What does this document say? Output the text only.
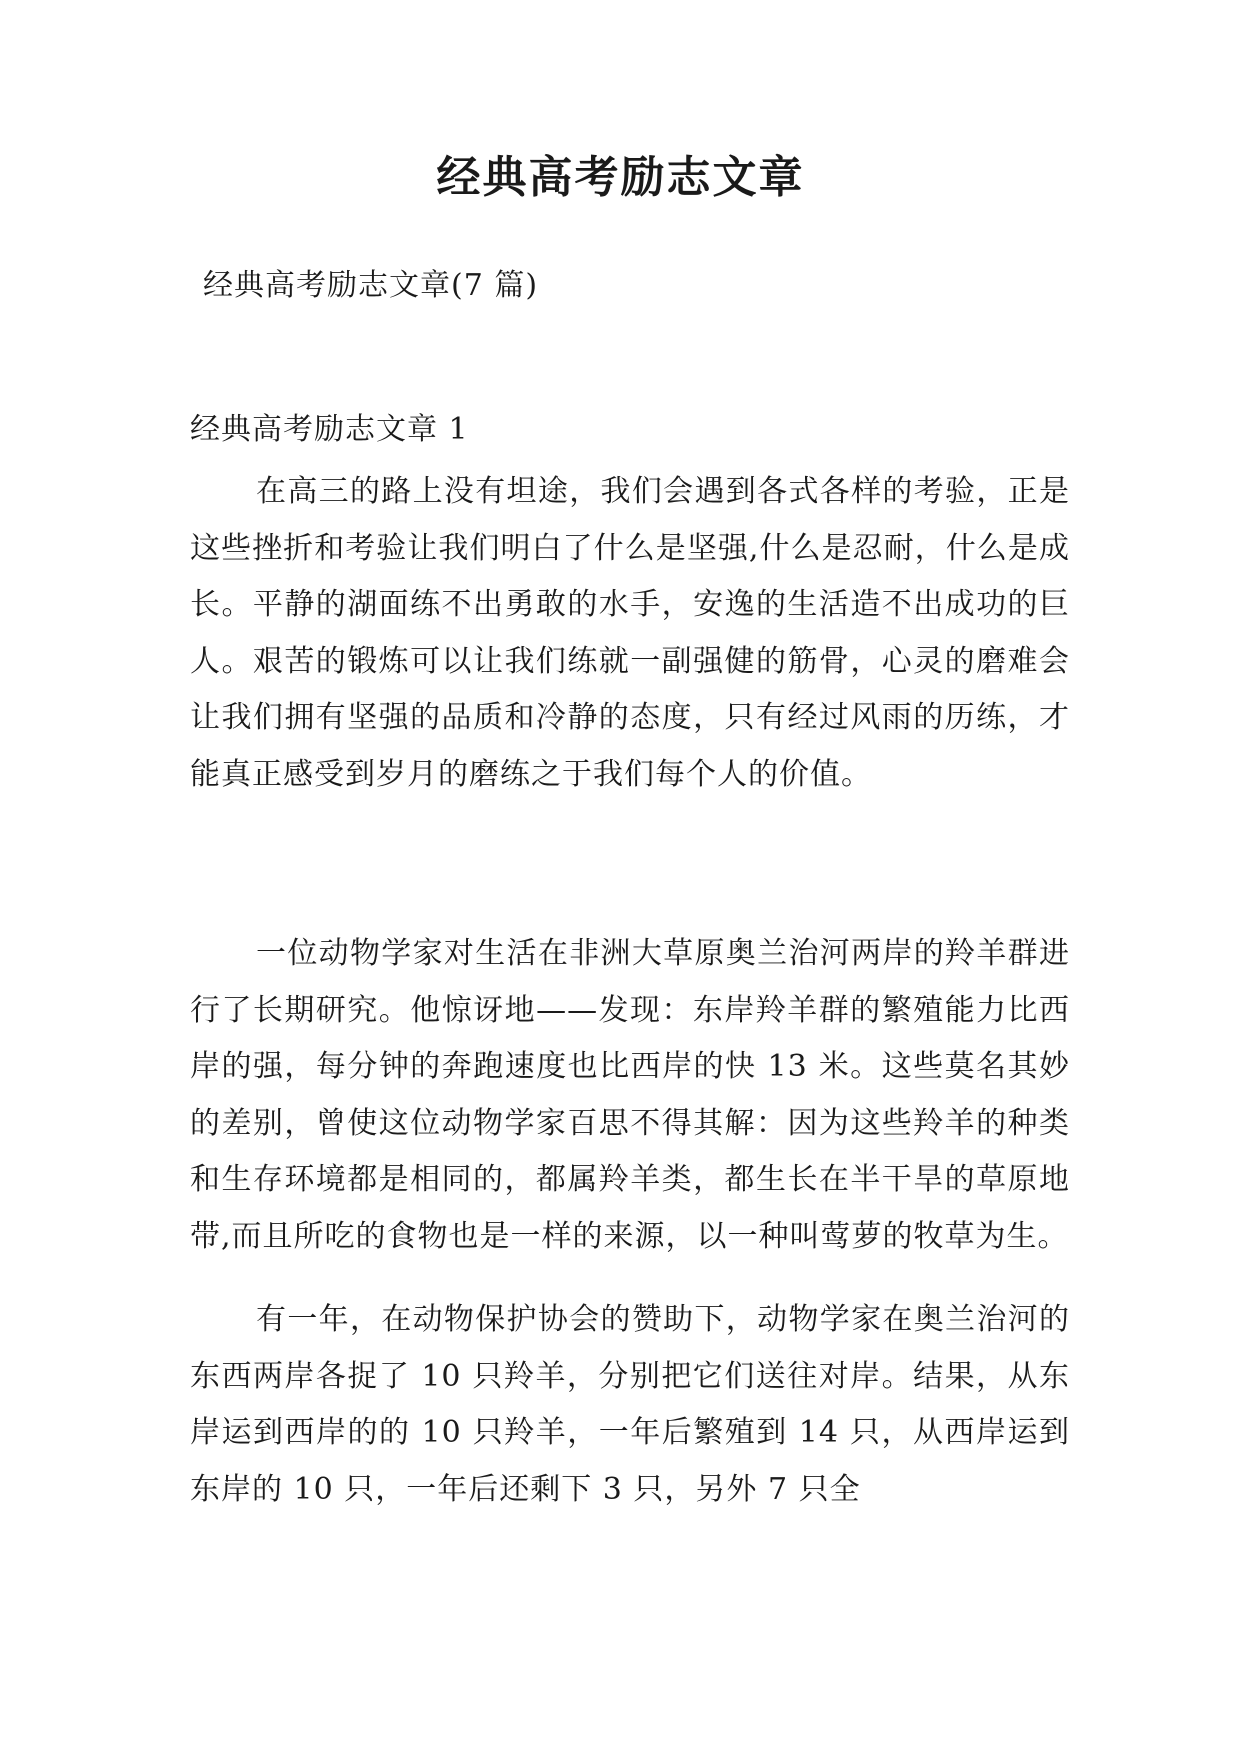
经典高考励志文章

经典高考励志文章(7 篇)

经典高考励志文章 1

在高三的路上没有坦途，我们会遇到各式各样的考验，正是这些挫折和考验让我们明白了什么是坚强,什么是忍耐，什么是成长。平静的湖面练不出勇敢的水手，安逸的生活造不出成功的巨人。艰苦的锻炼可以让我们练就一副强健的筋骨，心灵的磨难会让我们拥有坚强的品质和冷静的态度，只有经过风雨的历练，才能真正感受到岁月的磨练之于我们每个人的价值。

一位动物学家对生活在非洲大草原奥兰治河两岸的羚羊群进行了长期研究。他惊讶地——发现：东岸羚羊群的繁殖能力比西岸的强，每分钟的奔跑速度也比西岸的快 13 米。这些莫名其妙的差别，曾使这位动物学家百思不得其解：因为这些羚羊的种类和生存环境都是相同的，都属羚羊类，都生长在半干旱的草原地带,而且所吃的食物也是一样的来源，以一种叫莺萝的牧草为生。

有一年，在动物保护协会的赞助下，动物学家在奥兰治河的东西两岸各捉了 10 只羚羊，分别把它们送往对岸。结果，从东岸运到西岸的的 10 只羚羊，一年后繁殖到 14 只，从西岸运到东岸的 10 只，一年后还剩下 3 只，另外 7 只全
